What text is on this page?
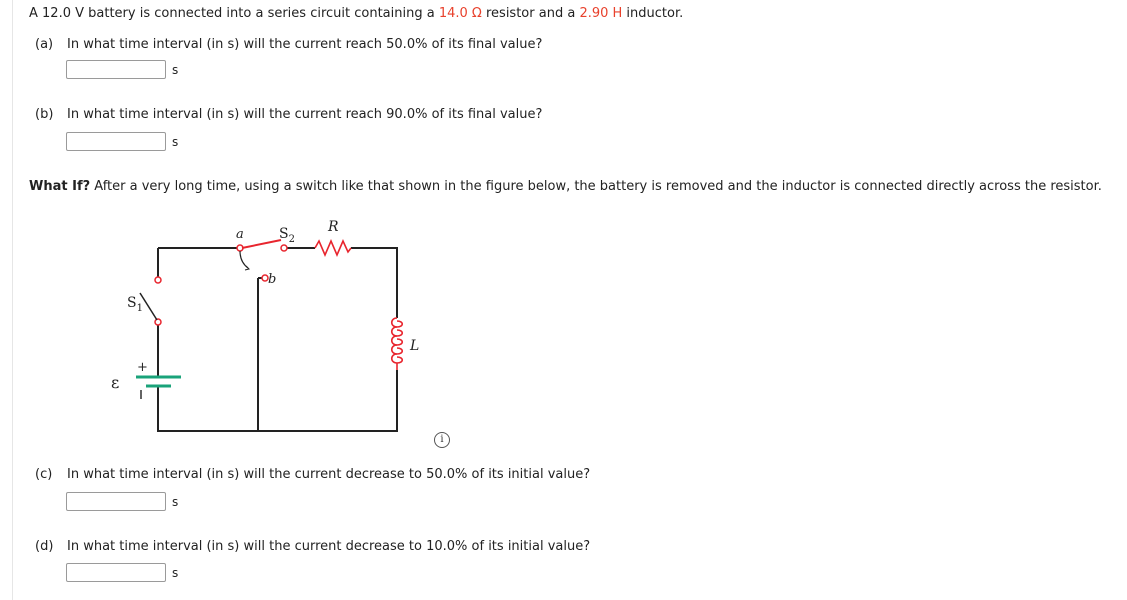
A 12.0 V battery is connected into a series circuit containing a 14.0 Ω resistor and a 2.90 H inductor.
(a) In what time interval (in s) will the current reach 50.0% of its final value?
s
(b) In what time interval (in s) will the current reach 90.0% of its final value?
s
What If? After a very long time, using a switch like that shown in the figure below, the battery is removed and the inductor is connected directly across the resistor.
a
b
R
L
$S_2$
$S_1$
ε
+
i
(c) In what time interval (in s) will the current decrease to 50.0% of its initial value?
s
(d) In what time interval (in s) will the current decrease to 10.0% of its initial value?
s
